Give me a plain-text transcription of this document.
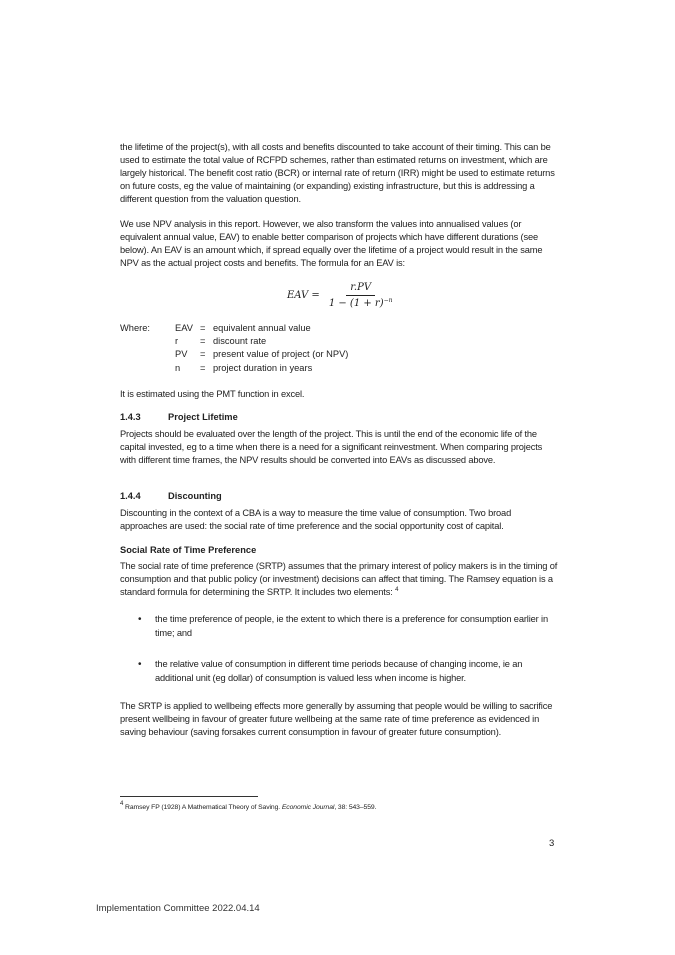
the lifetime of the project(s), with all costs and benefits discounted to take account of their timing. This can be used to estimate the total value of RCFPD schemes, rather than estimated returns on investment, which are largely historical. The benefit cost ratio (BCR) or internal rate of return (IRR) might be used to estimate returns on future costs, eg the value of maintaining (or expanding) existing infrastructure, but this is addressing a different question from the valuation question.

We use NPV analysis in this report. However, we also transform the values into annualised values (or equivalent annual value, EAV) to enable better comparison of projects which have different durations (see below). An EAV is an amount which, if spread equally over the lifetime of a project would result in the same NPV as the actual project costs and benefits. The formula for an EAV is:

EAV = $\frac{r.PV}{1 - (1 + r)^{-n}}$
Where:	EAV = equivalent annual value
r	= discount rate
PV	= present value of project (or NPV)
n	= project duration in years

It is estimated using the PMT function in excel.

1.4.3	Project Lifetime

Projects should be evaluated over the length of the project. This is until the end of the economic life of the capital invested, eg to a time when there is a need for a significant reinvestment. When comparing projects with different time frames, the NPV results should be converted into EAVs as discussed above.

1.4.4	Discounting

Discounting in the context of a CBA is a way to measure the time value of consumption. Two broad approaches are used: the social rate of time preference and the social opportunity cost of capital.

Social Rate of Time Preference

The social rate of time preference (SRTP) assumes that the primary interest of policy makers is in the timing of consumption and that public policy (or investment) decisions can affect that timing. The Ramsey equation is a standard formula for determining the SRTP. It includes two elements: $^4$

•	the time preference of people, ie the extent to which there is a preference for consumption earlier in time; and
•	the relative value of consumption in different time periods because of changing income, ie an additional unit (eg dollar) of consumption is valued less when income is higher.

The SRTP is applied to wellbeing effects more generally by assuming that people would be willing to sacrifice present wellbeing in favour of greater future wellbeing at the same rate of time preference as evidenced in saving behaviour (saving forsakes current consumption in favour of greater future consumption).

$^4$ Ramsey FP (1928) A Mathematical Theory of Saving. Economic Journal, 38: 543–559.
3
Implementation Committee 2022.04.14
